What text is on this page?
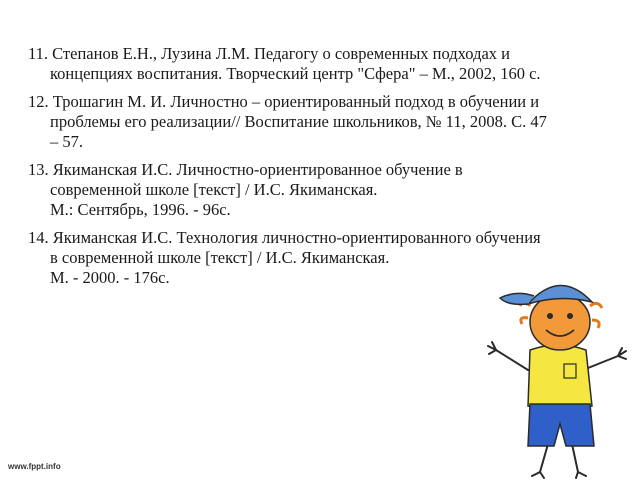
11. Степанов Е.Н., Лузина Л.М. Педагогу о современных подходах и
концепциях воспитания. Творческий центр "Сфера" – М., 2002, 160 с.
12. Трошагин М. И. Личностно – ориентированный подход в обучении и
проблемы его реализации// Воспитание школьников, № 11, 2008. С. 47
– 57.
13. Якиманская И.С. Личностно-ориентированное обучение в
современной школе [текст] / И.С. Якиманская.
М.: Сентябрь, 1996. - 96с.
14. Якиманская И.С. Технология личностно-ориентированного обучения
в современной школе [текст] / И.С. Якиманская.
М. - 2000. - 176с.
www.fppt.info
